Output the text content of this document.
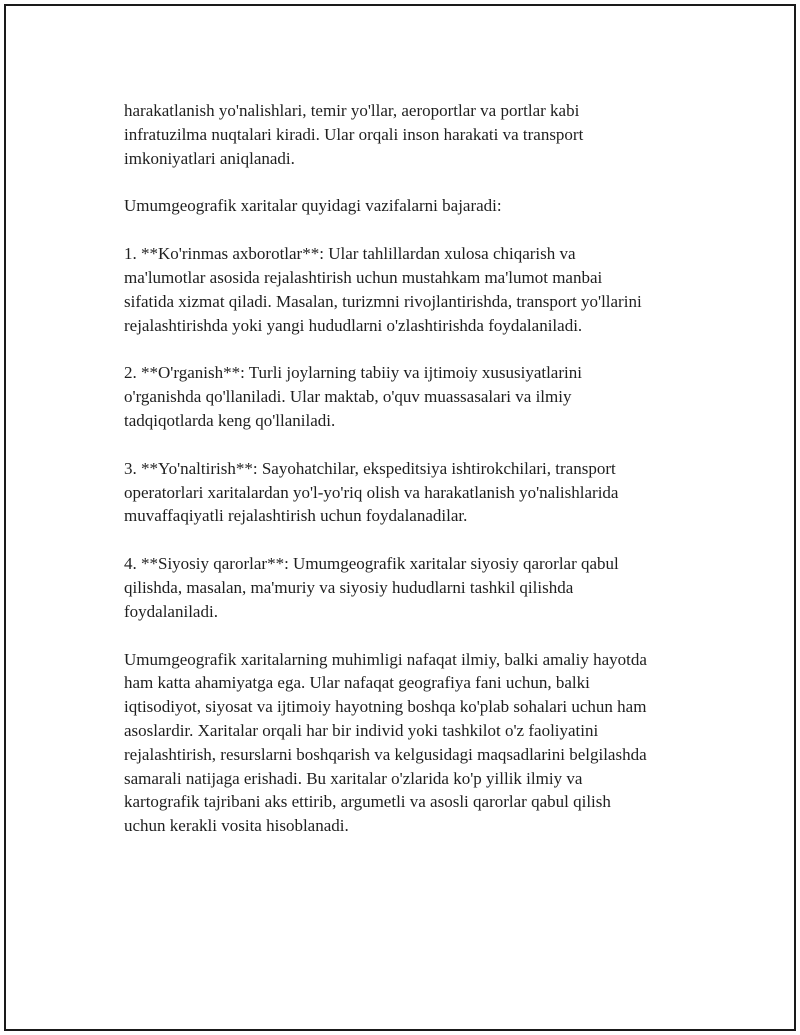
harakatlanish yo'nalishlari, temir yo'llar, aeroportlar va portlar kabi
infratuzilma nuqtalari kiradi. Ular orqali inson harakati va transport
imkoniyatlari aniqlanadi.

Umumgeografik xaritalar quyidagi vazifalarni bajaradi:

1. **Ko'rinmas axborotlar**: Ular tahlillardan xulosa chiqarish va
ma'lumotlar asosida rejalashtirish uchun mustahkam ma'lumot manbai
sifatida xizmat qiladi. Masalan, turizmni rivojlantirishda, transport yo'llarini
rejalashtirishda yoki yangi hududlarni o'zlashtirishda foydalaniladi.

2. **O'rganish**: Turli joylarning tabiiy va ijtimoiy xususiyatlarini
o'rganishda qo'llaniladi. Ular maktab, o'quv muassasalari va ilmiy
tadqiqotlarda keng qo'llaniladi.

3. **Yo'naltirish**: Sayohatchilar, ekspeditsiya ishtirokchilari, transport
operatorlari xaritalardan yo'l-yo'riq olish va harakatlanish yo'nalishlarida
muvaffaqiyatli rejalashtirish uchun foydalanadilar.

4. **Siyosiy qarorlar**: Umumgeografik xaritalar siyosiy qarorlar qabul
qilishda, masalan, ma'muriy va siyosiy hududlarni tashkil qilishda
foydalaniladi.

Umumgeografik xaritalarning muhimligi nafaqat ilmiy, balki amaliy hayotda
ham katta ahamiyatga ega. Ular nafaqat geografiya fani uchun, balki
iqtisodiyot, siyosat va ijtimoiy hayotning boshqa ko'plab sohalari uchun ham
asoslardir. Xaritalar orqali har bir individ yoki tashkilot o'z faoliyatini
rejalashtirish, resurslarni boshqarish va kelgusidagi maqsadlarini belgilashda
samarali natijaga erishadi. Bu xaritalar o'zlarida ko'p yillik ilmiy va
kartografik tajribani aks ettirib, argumetli va asosli qarorlar qabul qilish
uchun kerakli vosita hisoblanadi.
